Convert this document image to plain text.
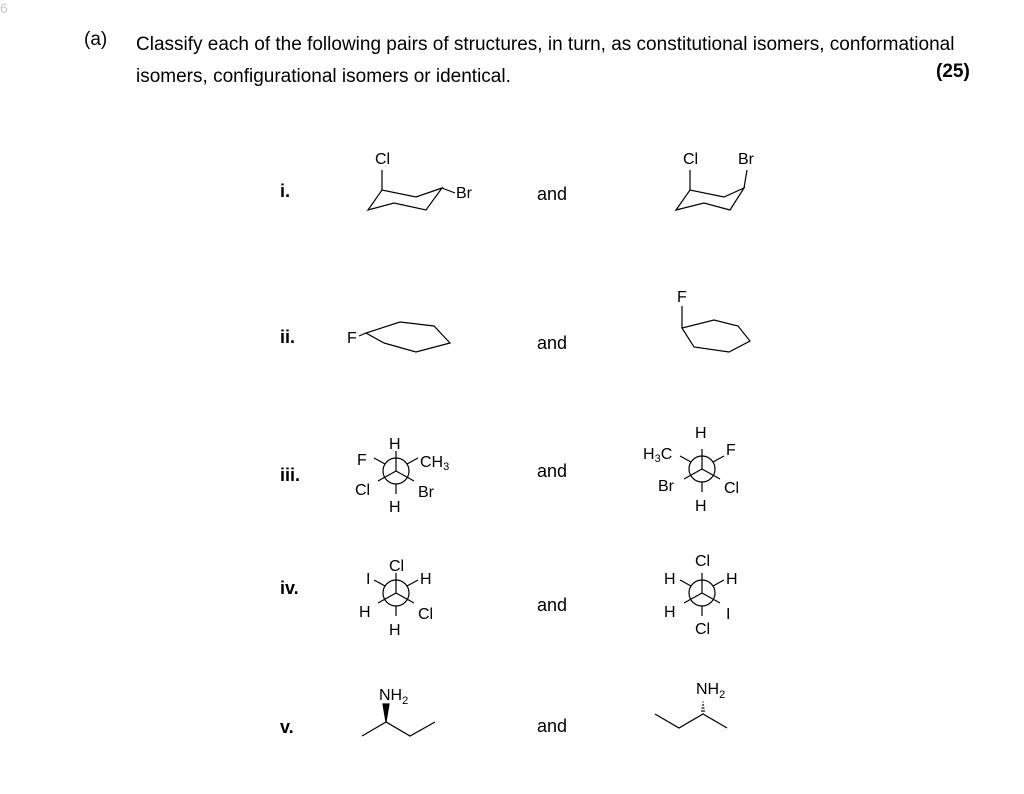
6
(a) Classify each of the following pairs of structures, in turn, as constitutional isomers, conformational isomers, configurational isomers or identical.	(25)
i.
ii.
iii.
iv.
v.
and
and
and
and
and
Cl
Br
Cl Br
F
F
H
F	CH3
Cl	Br
H
H
H3C	F
Br	Cl
H
Cl
I	H
H	Cl
H
Cl
H	H
H	I
Cl
$NH_2$
$NH_2$
